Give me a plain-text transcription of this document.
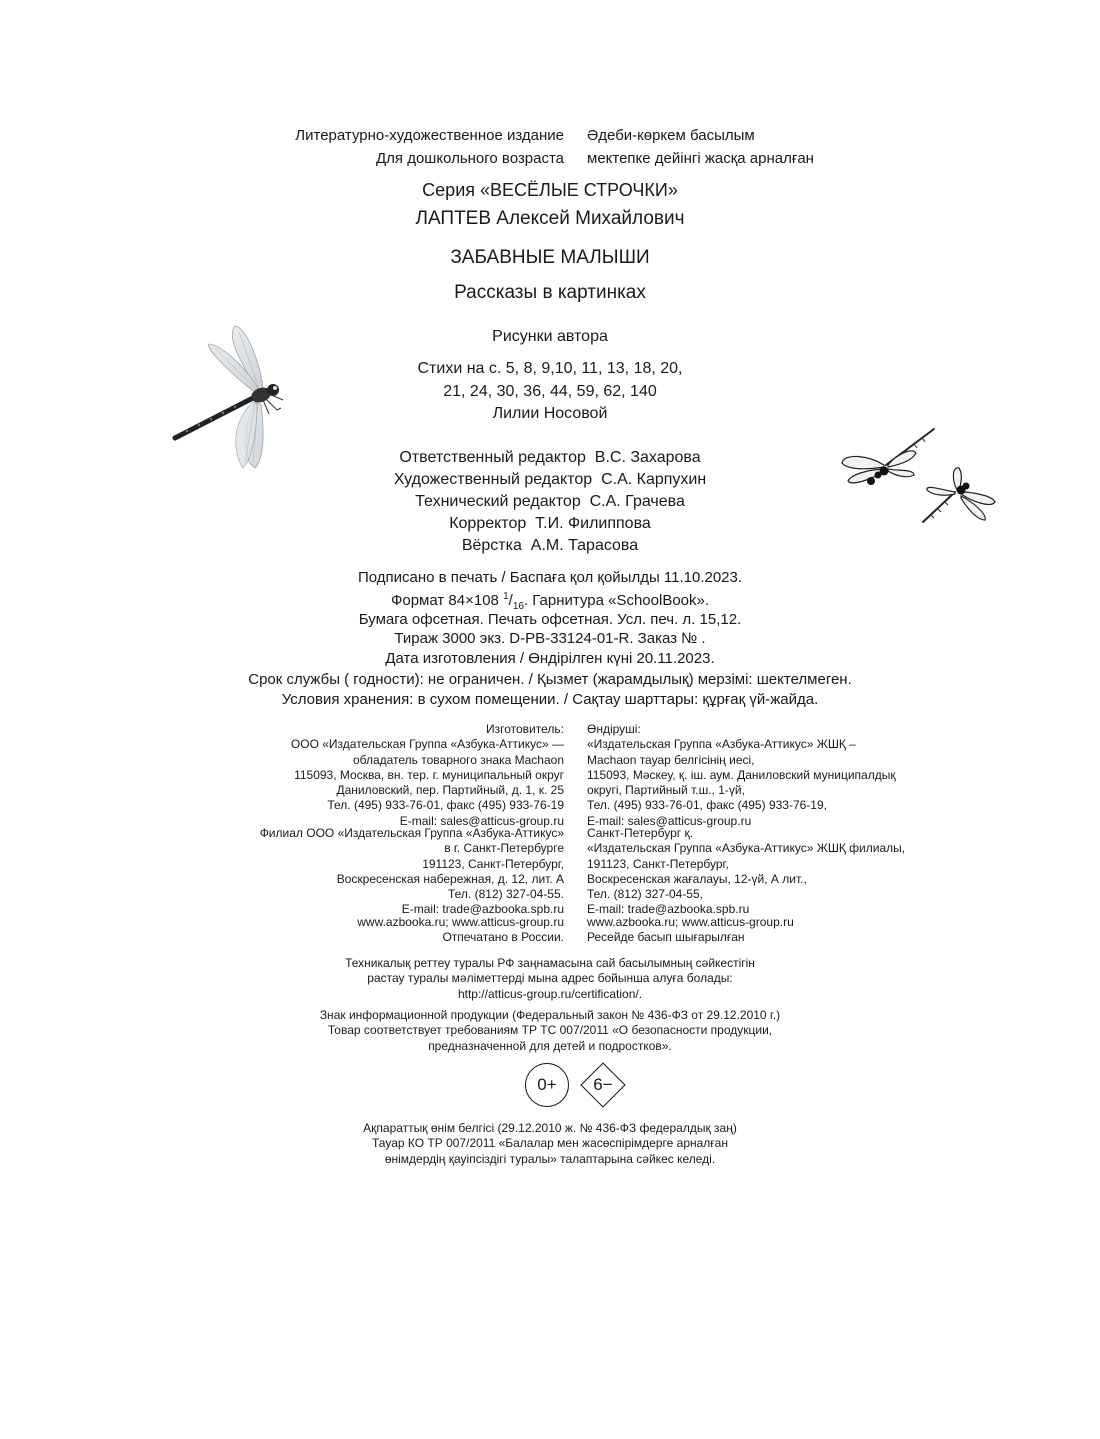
Литературно-художественное издание
Для дошкольного возраста
Әдеби-көркем басылым
мектепке дейінгі жасқа арналған
Серия «ВЕСЁЛЫЕ СТРОЧКИ»
ЛАПТЕВ Алексей Михайлович
ЗАБАВНЫЕ МАЛЫШИ
Рассказы в картинках
Рисунки автора
Стихи на с. 5, 8, 9,10, 11, 13, 18, 20,
21, 24, 30, 36, 44, 59, 62, 140
Лилии Носовой
Ответственный редактор В.С. Захарова
Художественный редактор С.А. Карпухин
Технический редактор С.А. Грачева
Корректор Т.И. Филиппова
Вёрстка А.М. Тарасова
Подписано в печать / Баспаға қол қойылды 11.10.2023.
Формат 84×108 $^1/_{16}$. Гарнитура «SchoolBook».
Бумага офсетная. Печать офсетная. Усл. печ. л. 15,12.
Тираж 3000 экз. D-PB-33124-01-R. Заказ № .
Дата изготовления / Өндірілген күні 20.11.2023.
Срок службы ( годности): не ограничен. / Қызмет (жарамдылық) мерзімі: шектелмеген.
Условия хранения: в сухом помещении. / Сақтау шарттары: құрғақ үй-жайда.
Изготовитель:
ООО «Издательская Группа «Азбука-Аттикус» —
обладатель товарного знака Machaon
115093, Москва, вн. тер. г. муниципальный округ
Даниловский, пер. Партийный, д. 1, к. 25
Тел. (495) 933-76-01, факс (495) 933-76-19
E-mail: sales@atticus-group.ru
Өндіруші:
«Издательская Группа «Азбука-Аттикус» ЖШҚ –
Machaon тауар белгісінің иесі,
115093, Мәскеу, қ. іш. аум. Даниловский муниципалдық
округі, Партийный т.ш., 1-үй,
Тел. (495) 933-76-01, факс (495) 933-76-19,
E-mail: sales@atticus-group.ru
Филиал ООО «Издательская Группа «Азбука-Аттикус»
в г. Санкт-Петербурге
191123, Санкт-Петербург,
Воскресенская набережная, д. 12, лит. А
Тел. (812) 327-04-55.
E-mail: trade@azbooka.spb.ru
Санкт-Петербург қ.
«Издательская Группа «Азбука-Аттикус» ЖШҚ филиалы,
191123, Санкт-Петербург,
Воскресенская жағалауы, 12-үй, А лит.,
Тел. (812) 327-04-55,
E-mail: trade@azbooka.spb.ru
www.azbooka.ru; www.atticus-group.ru
Отпечатано в России.
www.azbooka.ru; www.atticus-group.ru
Ресейде басып шығарылған
Техникалық реттеу туралы РФ заңнамасына сай басылымның сәйкестігін
растау туралы мәліметтерді мына адрес бойынша алуға болады:
http://atticus-group.ru/certification/.
Знак информационной продукции (Федеральный закон № 436-ФЗ от 29.12.2010 г.)
Товар соответствует требованиям ТР ТС 007/2011 «О безопасности продукции,
предназначенной для детей и подростков».
0+ 6−
Ақпараттық өнім белгісі (29.12.2010 ж. № 436-ФЗ федералдық заң)
Тауар КО ТР 007/2011 «Балалар мен жасөспірімдерге арналған
өнімдердің қауіпсіздігі туралы» талаптарына сәйкес келеді.
